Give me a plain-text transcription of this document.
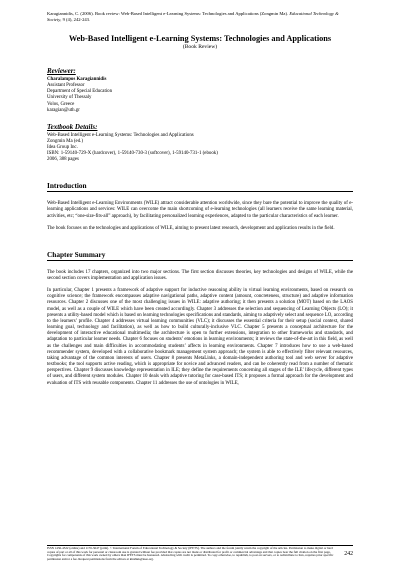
Karagiannidis, C. (2006). Book review: Web-Based Intelligent e-Learning Systems: Technologies and Applications (Zongmin Ma). Educational Technology & Society, 9 (4), 242-243.
Web-Based Intelligent e-Learning Systems: Technologies and Applications
(Book Review)
Reviewer:
Charalampos Karagiannidis
Assistant Professor
Department of Special Education
University of Thessaly
Volos, Greece
karagian@uth.gr
Textbook Details:
Web-Based Intelligent e-Learning Systems: Technologies and Applications
Zongmin Ma (ed.)
Idea Group Inc.
ISBN: 1-59140-729-X (hardcover), 1-59140-730-3 (softcover), 1-59140-731-1 (ebook)
2006, 388 pages
Introduction
Web-Based Intelligent e-Learning Environments (WILE) attract considerable attention worldwide, since they bare the potential to improve the quality of e-learning applications and services: WILE can overcome the main shortcoming of e-learning technologies (all learners receive the same learning material, activities, etc; “one-size-fits-all” approach), by facilitating personalized learning experiences, adapted to the particular characteristics of each learner.
The book focuses on the technologies and applications of WILE, aiming to present latest research, development and application results in the field.
Chapter Summary
The book includes 17 chapters, organized into two major sections. The first section discusses theories, key technologies and designs of WILE, while the second section covers implementation and application issues.
In particular, Chapter 1 presents a framework of adaptive support for inductive reasoning ability in virtual learning environments, based on research on cognitive science; the framework encompasses adaptive navigational paths, adaptive content (amount, concreteness, structure) and adaptive information resources. Chapter 2 discusses one of the most challenging issues in WILE: adaptive authoring; it then presents a solution (MOT) based on the LAOS model, as well as a couple of WILE which have been created accordingly. Chapter 3 addresses the selection and sequencing of Learning Objects (LO); it presents a utility-based model which is based on learning technologies specifications and standards, aiming to adaptively select and sequence LO, according to the learners’ profile. Chapter 4 addresses virtual learning communities (VLC); it discusses the essential criteria for their setup (social context, shared learning goal, technology and facilitation), as well as how to build culturally-inclusive VLC. Chapter 5 presents a conceptual architecture for the development of interactive educational multimedia; the architecture is open to further extensions, integration to other frameworks and standards, and adaptation to particular learner needs. Chapter 6 focuses on students’ emotions in learning environments; it reviews the state-of-the-art in this field, as well as the challenges and main difficulties in accommodating students’ affects in learning environments. Chapter 7 introduces how to use a web-based recommender system, developed with a collaborative bookmark management system approach; the system is able to effectively filter relevant resources, taking advantage of the common interests of users. Chapter 8 presents MetaLinks, a domain-independent authoring tool and web server for adaptive textbooks; the tool supports active reading, which is appropriate for novice and advanced readers, and can be coherently read from a number of thematic perspectives. Chapter 9 discusses knowledge representation in ILE; they define the requirements concerning all stages of the ILE’ lifecycle, different types of users, and different system modules. Chapter 10 deals with adaptive tutoring for case-based ITS; it proposes a formal approach for the development and evaluation of ITS with reusable components. Chapter 11 addresses the use of ontologies in WILE,
ISSN 1436-4522 (online) and 1176-3647 (print). © International Forum of Educational Technology & Society (IFETS). The authors and the forum jointly retain the copyright of the articles. Permission to make digital or hard copies of part or all of this work for personal or classroom use is granted without fee provided that copies are not made or distributed for profit or commercial advantage and that copies bear the full citation on the first page. Copyrights for components of this work owned by others than IFETS must be honoured. Abstracting with credit is permitted. To copy otherwise, to republish, to post on servers, or to redistribute to lists, requires prior specific permission and/or a fee. Request permissions from the editors at kinshuk@ieee.org.
242
